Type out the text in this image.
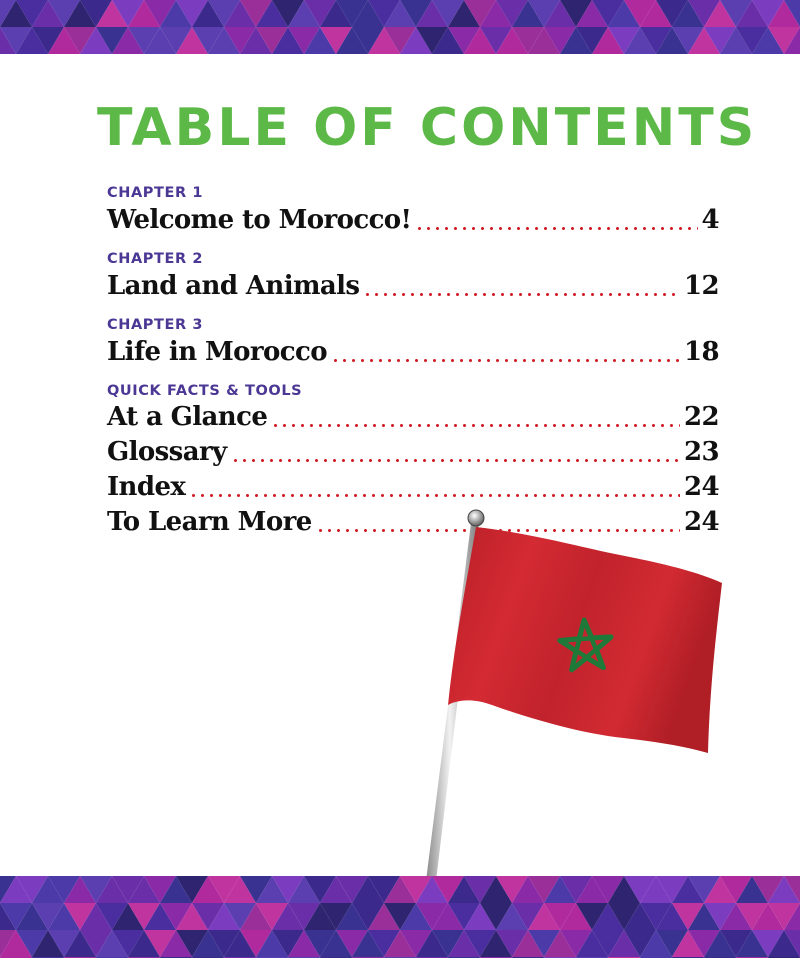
TABLE OF CONTENTS
CHAPTER 1
Welcome to Morocco!	4
CHAPTER 2
Land and Animals	12
CHAPTER 3
Life in Morocco	18
QUICK FACTS & TOOLS
At a Glance	22
Glossary	23
Index	24
To Learn More	24
